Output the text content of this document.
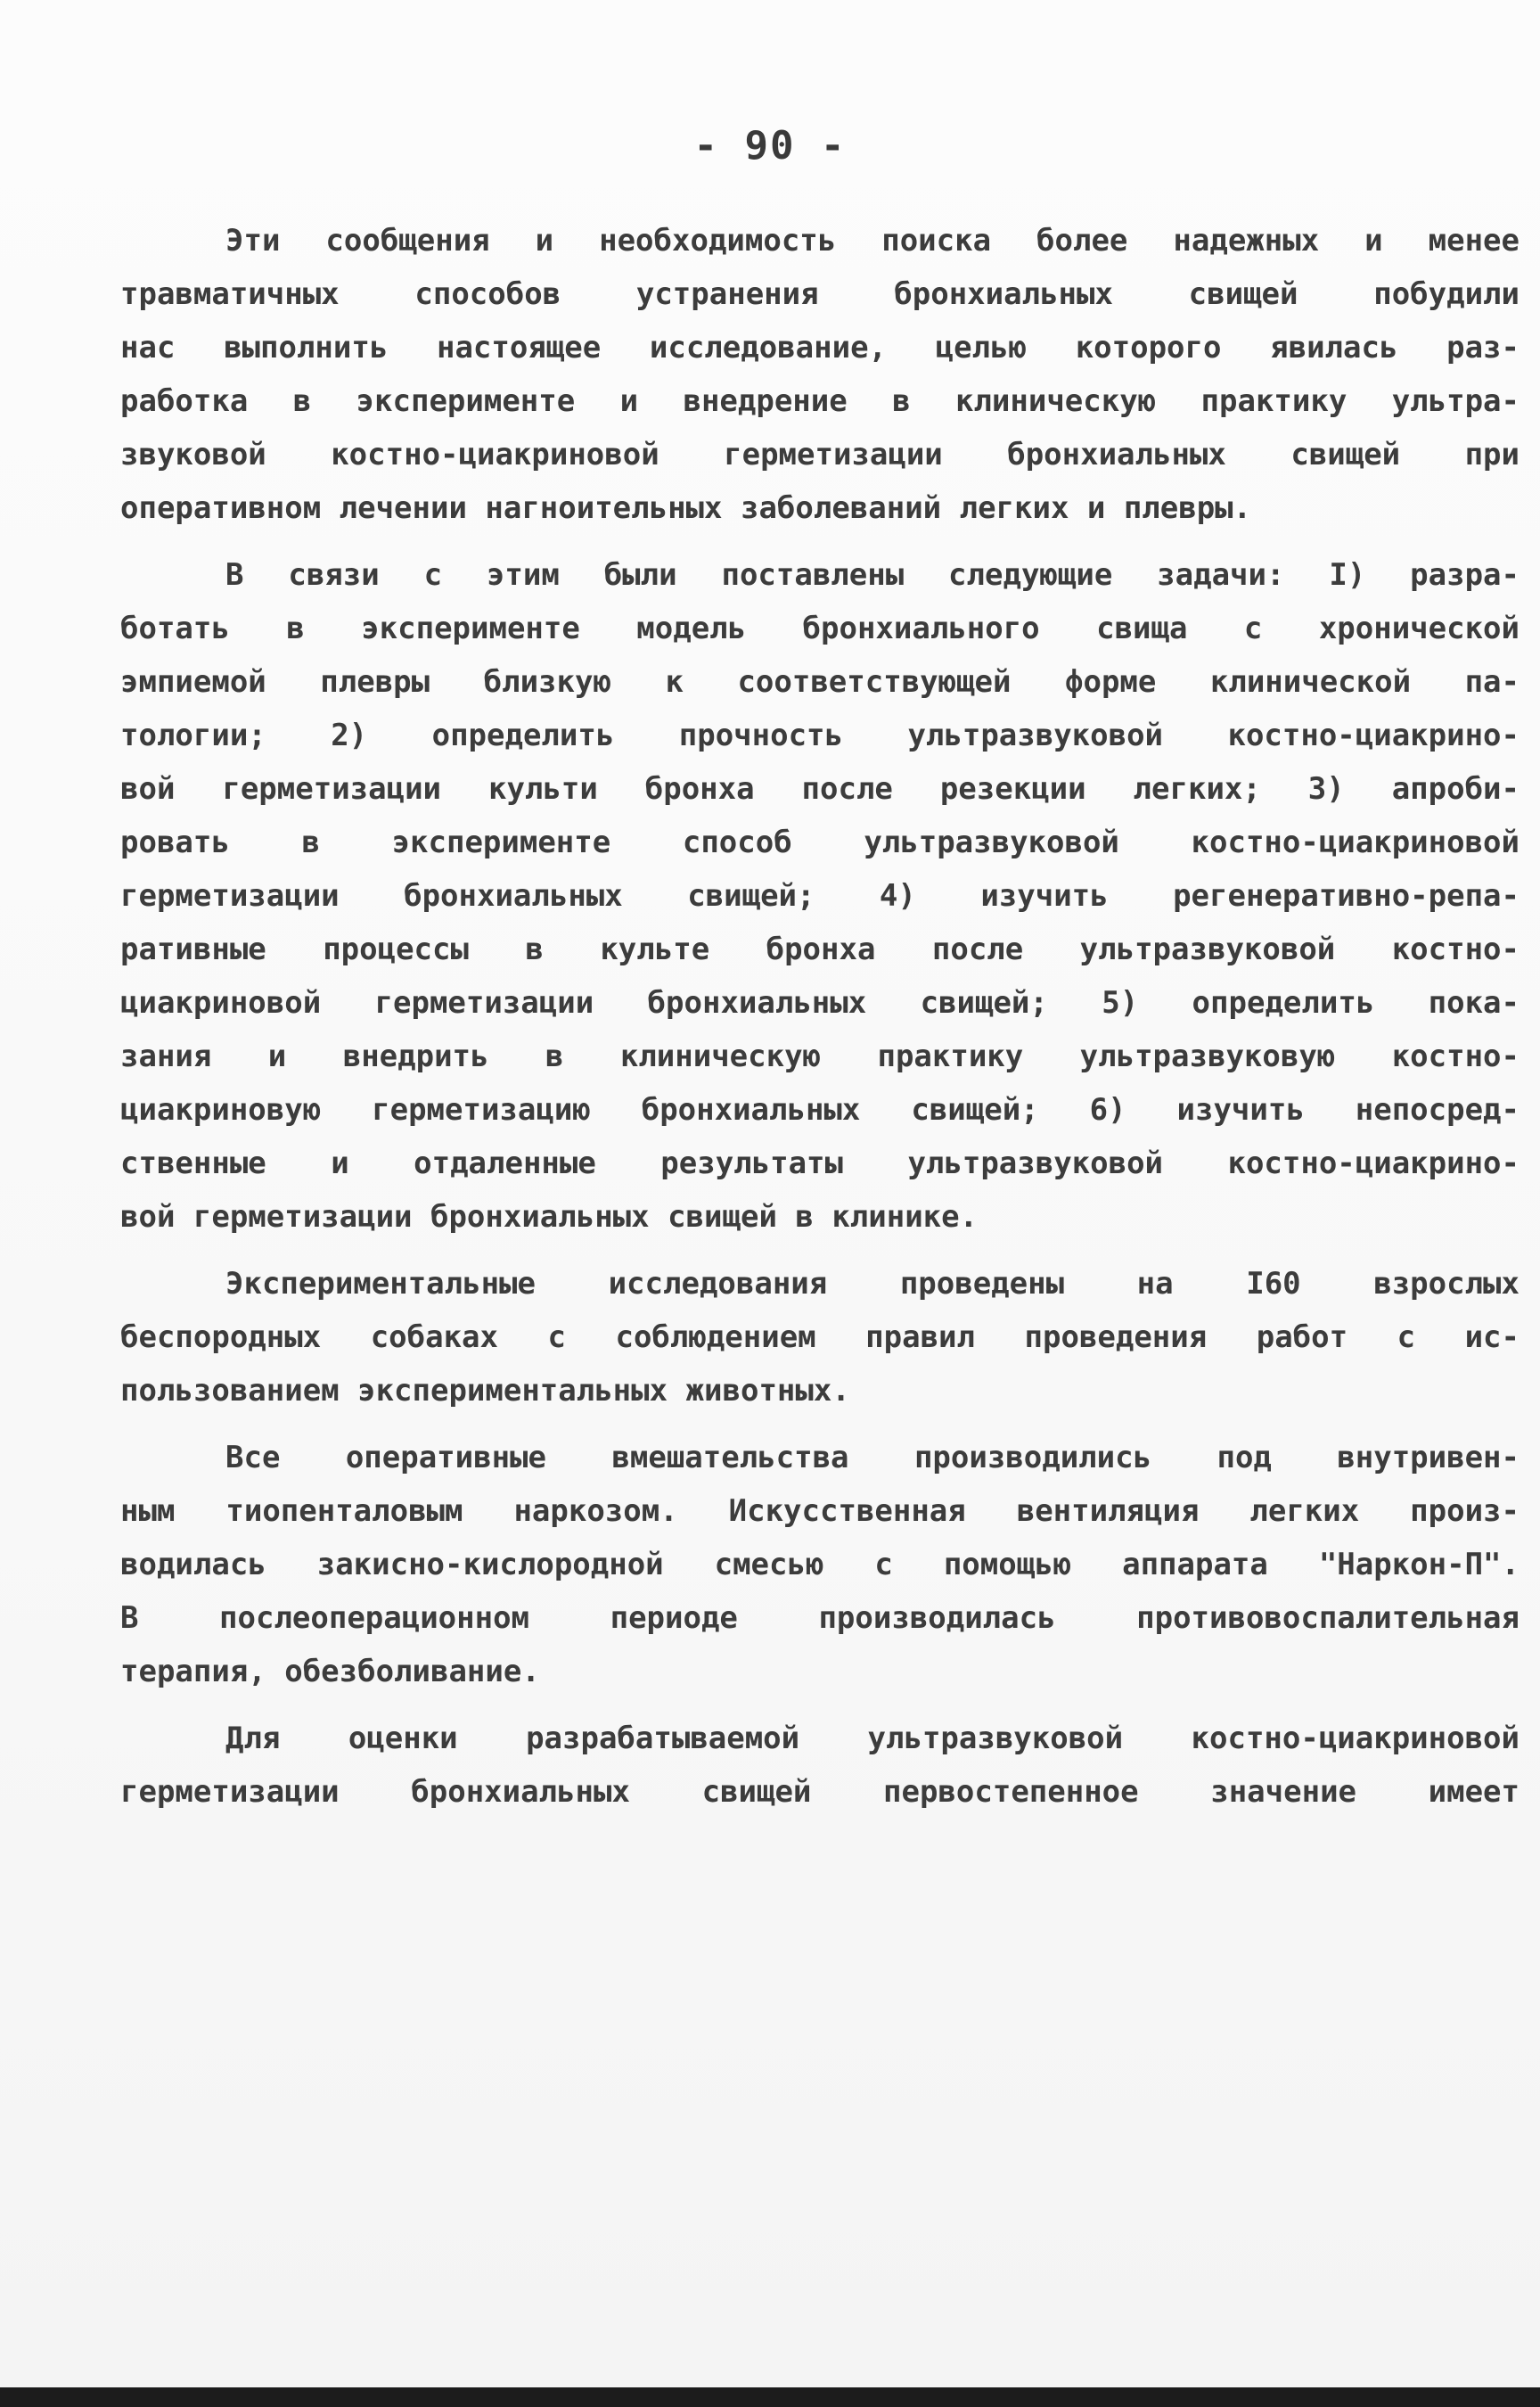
- 90 -
Эти сообщения и необходимость поиска более надежных и менее
травматичных способов устранения бронхиальных свищей побудили
нас выполнить настоящее исследование, целью которого явилась раз-
работка в эксперименте и внедрение в клиническую практику ультра-
звуковой костно-циакриновой герметизации бронхиальных свищей при
оперативном лечении нагноительных заболеваний легких и плевры.
В связи с этим были поставлены следующие задачи: I) разра-
ботать в эксперименте модель бронхиального свища с хронической
эмпиемой плевры близкую к соответствующей форме клинической па-
тологии; 2) определить прочность ультразвуковой костно-циакрино-
вой герметизации культи бронха после резекции легких; 3) апроби-
ровать в эксперименте способ ультразвуковой костно-циакриновой
герметизации бронхиальных свищей; 4) изучить регенеративно-репа-
ративные процессы в культе бронха после ультразвуковой костно-
циакриновой герметизации бронхиальных свищей; 5) определить пока-
зания и внедрить в клиническую практику ультразвуковую костно-
циакриновую герметизацию бронхиальных свищей; 6) изучить непосред-
ственные и отдаленные результаты ультразвуковой костно-циакрино-
вой герметизации бронхиальных свищей в клинике.
Экспериментальные исследования проведены на I60 взрослых
беспородных собаках с соблюдением правил проведения работ с ис-
пользованием экспериментальных животных.
Все оперативные вмешательства производились под внутривен-
ным тиопенталовым наркозом. Искусственная вентиляция легких произ-
водилась закисно-кислородной смесью с помощью аппарата "Наркон-П".
В послеоперационном периоде производилась противовоспалительная
терапия, обезболивание.
Для оценки разрабатываемой ультразвуковой костно-циакриновой
герметизации бронхиальных свищей первостепенное значение имеет
